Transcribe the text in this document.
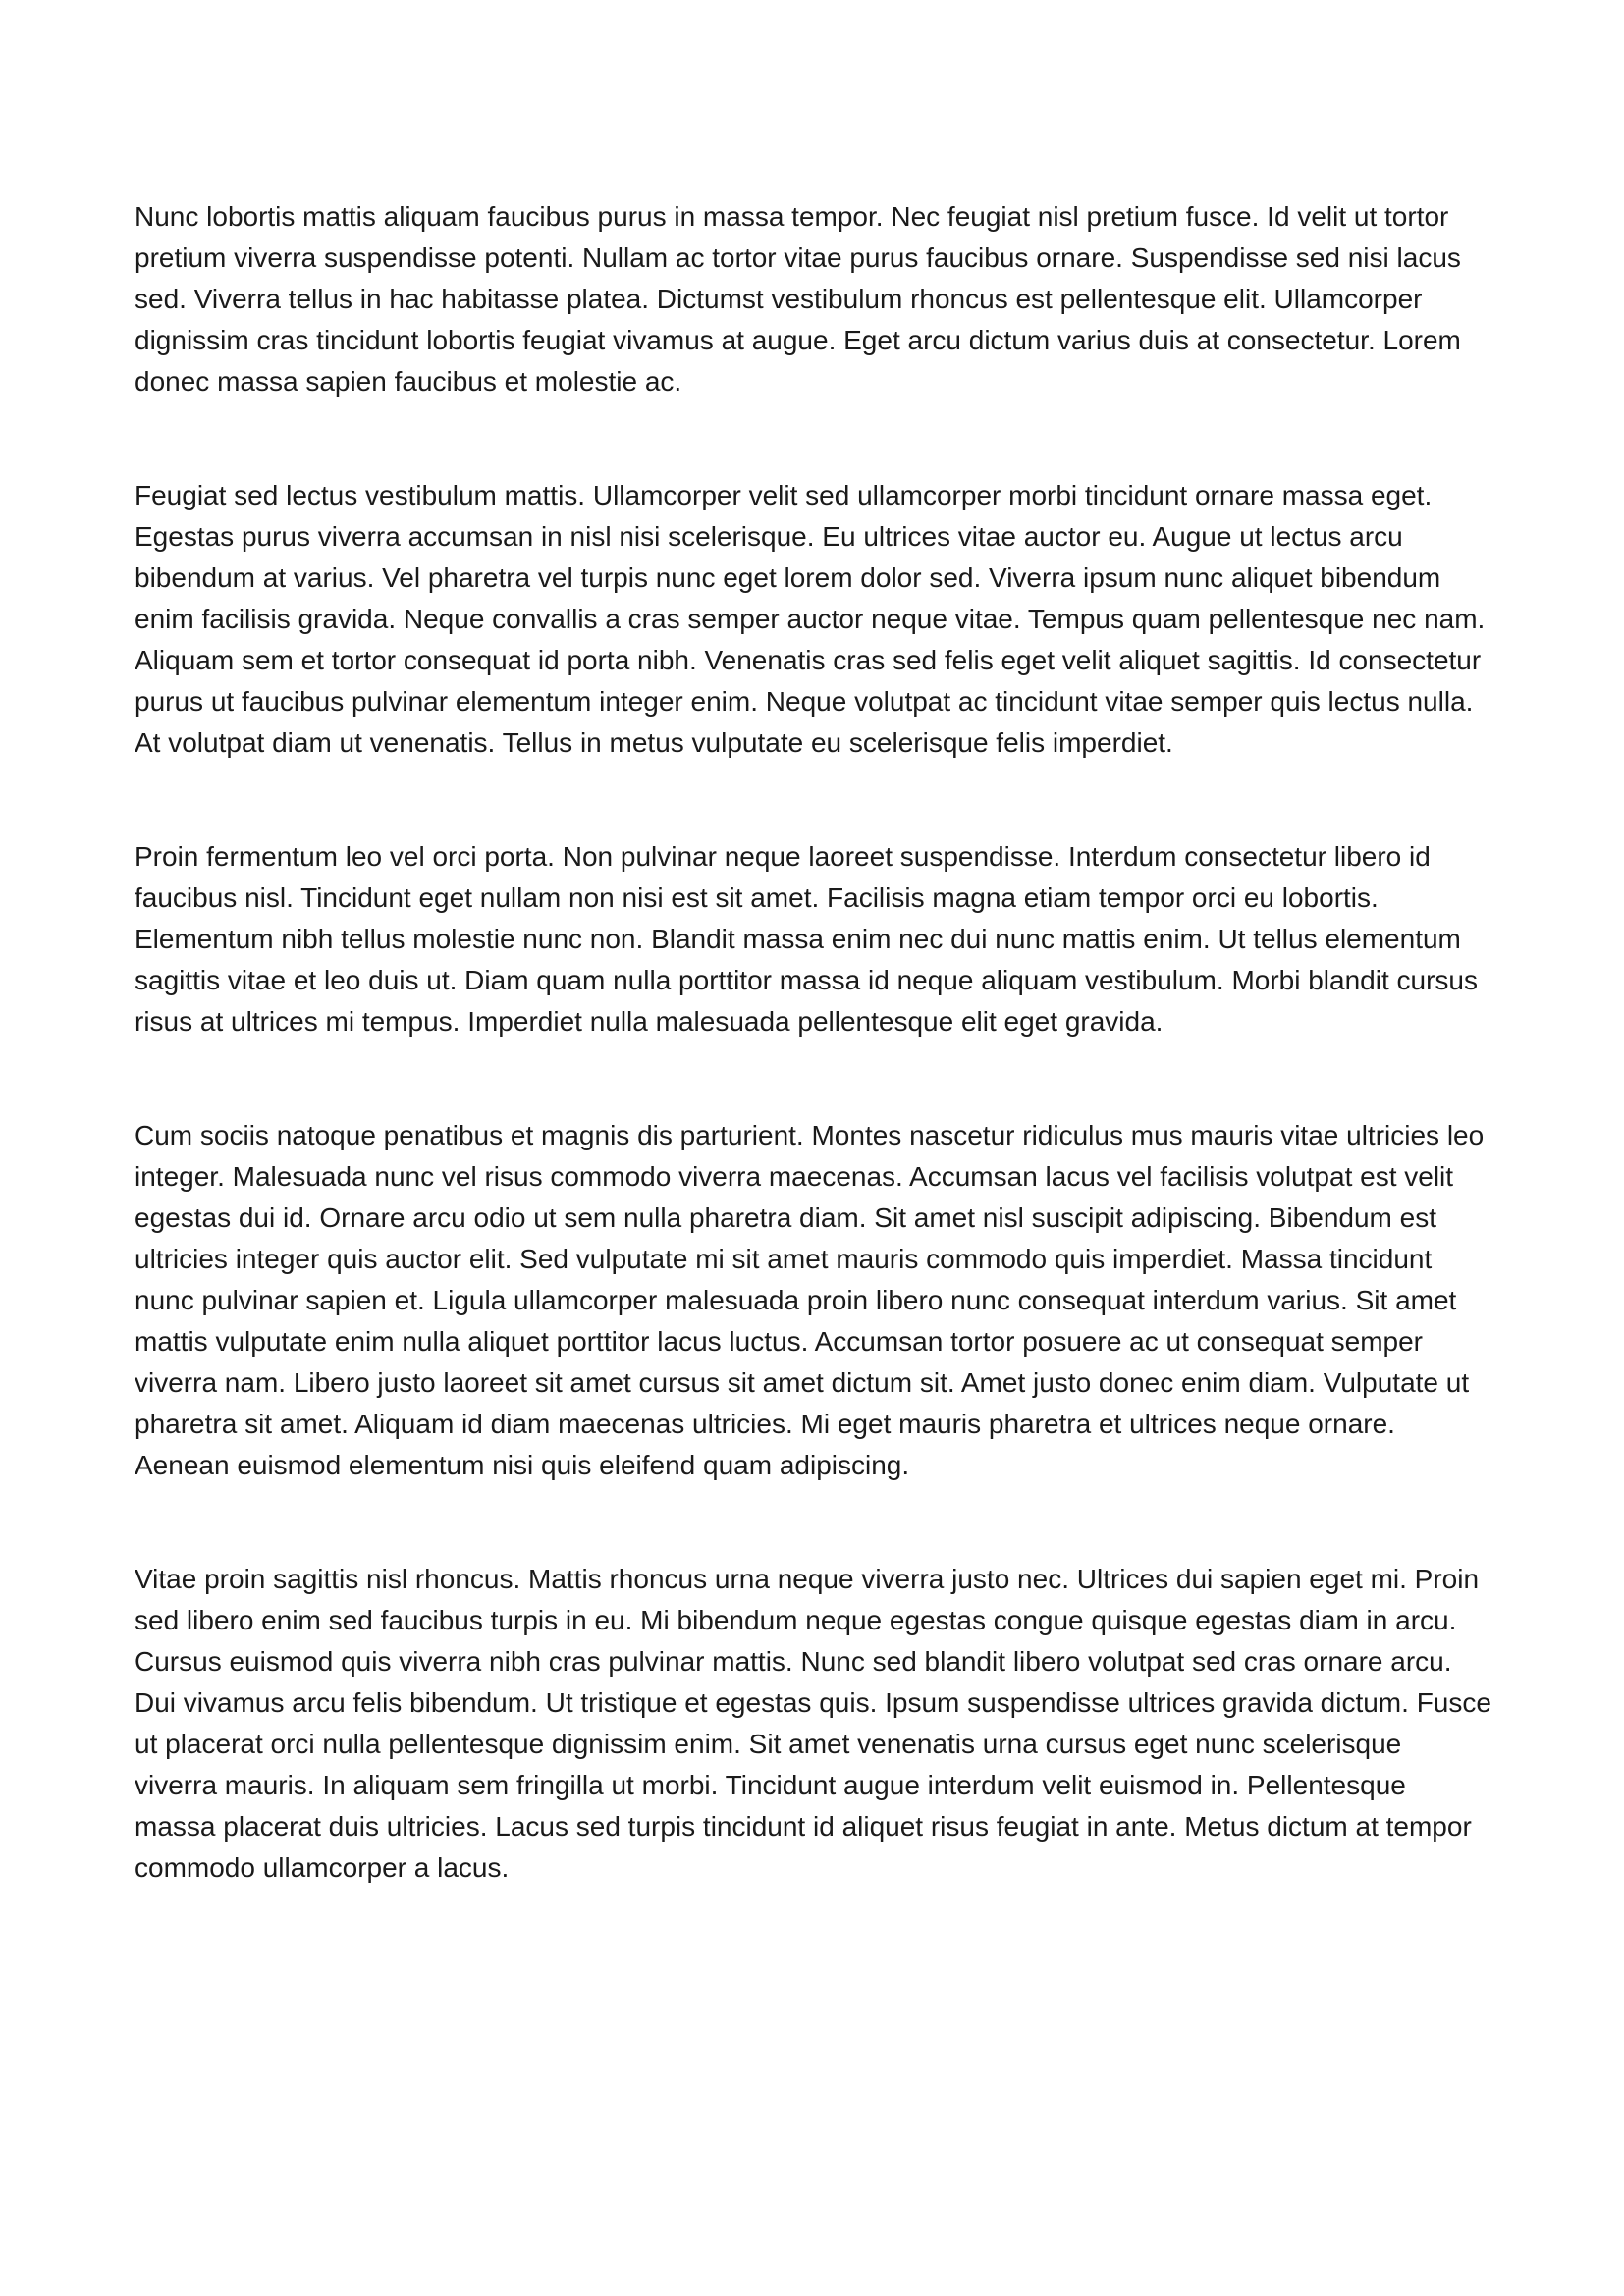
Nunc lobortis mattis aliquam faucibus purus in massa tempor. Nec feugiat nisl pretium fusce. Id velit ut tortor pretium viverra suspendisse potenti. Nullam ac tortor vitae purus faucibus ornare. Suspendisse sed nisi lacus sed. Viverra tellus in hac habitasse platea. Dictumst vestibulum rhoncus est pellentesque elit. Ullamcorper dignissim cras tincidunt lobortis feugiat vivamus at augue. Eget arcu dictum varius duis at consectetur. Lorem donec massa sapien faucibus et molestie ac.

Feugiat sed lectus vestibulum mattis. Ullamcorper velit sed ullamcorper morbi tincidunt ornare massa eget. Egestas purus viverra accumsan in nisl nisi scelerisque. Eu ultrices vitae auctor eu. Augue ut lectus arcu bibendum at varius. Vel pharetra vel turpis nunc eget lorem dolor sed. Viverra ipsum nunc aliquet bibendum enim facilisis gravida. Neque convallis a cras semper auctor neque vitae. Tempus quam pellentesque nec nam. Aliquam sem et tortor consequat id porta nibh. Venenatis cras sed felis eget velit aliquet sagittis. Id consectetur purus ut faucibus pulvinar elementum integer enim. Neque volutpat ac tincidunt vitae semper quis lectus nulla. At volutpat diam ut venenatis. Tellus in metus vulputate eu scelerisque felis imperdiet.

Proin fermentum leo vel orci porta. Non pulvinar neque laoreet suspendisse. Interdum consectetur libero id faucibus nisl. Tincidunt eget nullam non nisi est sit amet. Facilisis magna etiam tempor orci eu lobortis. Elementum nibh tellus molestie nunc non. Blandit massa enim nec dui nunc mattis enim. Ut tellus elementum sagittis vitae et leo duis ut. Diam quam nulla porttitor massa id neque aliquam vestibulum. Morbi blandit cursus risus at ultrices mi tempus. Imperdiet nulla malesuada pellentesque elit eget gravida.

Cum sociis natoque penatibus et magnis dis parturient. Montes nascetur ridiculus mus mauris vitae ultricies leo integer. Malesuada nunc vel risus commodo viverra maecenas. Accumsan lacus vel facilisis volutpat est velit egestas dui id. Ornare arcu odio ut sem nulla pharetra diam. Sit amet nisl suscipit adipiscing. Bibendum est ultricies integer quis auctor elit. Sed vulputate mi sit amet mauris commodo quis imperdiet. Massa tincidunt nunc pulvinar sapien et. Ligula ullamcorper malesuada proin libero nunc consequat interdum varius. Sit amet mattis vulputate enim nulla aliquet porttitor lacus luctus. Accumsan tortor posuere ac ut consequat semper viverra nam. Libero justo laoreet sit amet cursus sit amet dictum sit. Amet justo donec enim diam. Vulputate ut pharetra sit amet. Aliquam id diam maecenas ultricies. Mi eget mauris pharetra et ultrices neque ornare. Aenean euismod elementum nisi quis eleifend quam adipiscing.

Vitae proin sagittis nisl rhoncus. Mattis rhoncus urna neque viverra justo nec. Ultrices dui sapien eget mi. Proin sed libero enim sed faucibus turpis in eu. Mi bibendum neque egestas congue quisque egestas diam in arcu. Cursus euismod quis viverra nibh cras pulvinar mattis. Nunc sed blandit libero volutpat sed cras ornare arcu. Dui vivamus arcu felis bibendum. Ut tristique et egestas quis. Ipsum suspendisse ultrices gravida dictum. Fusce ut placerat orci nulla pellentesque dignissim enim. Sit amet venenatis urna cursus eget nunc scelerisque viverra mauris. In aliquam sem fringilla ut morbi. Tincidunt augue interdum velit euismod in. Pellentesque massa placerat duis ultricies. Lacus sed turpis tincidunt id aliquet risus feugiat in ante. Metus dictum at tempor commodo ullamcorper a lacus.
